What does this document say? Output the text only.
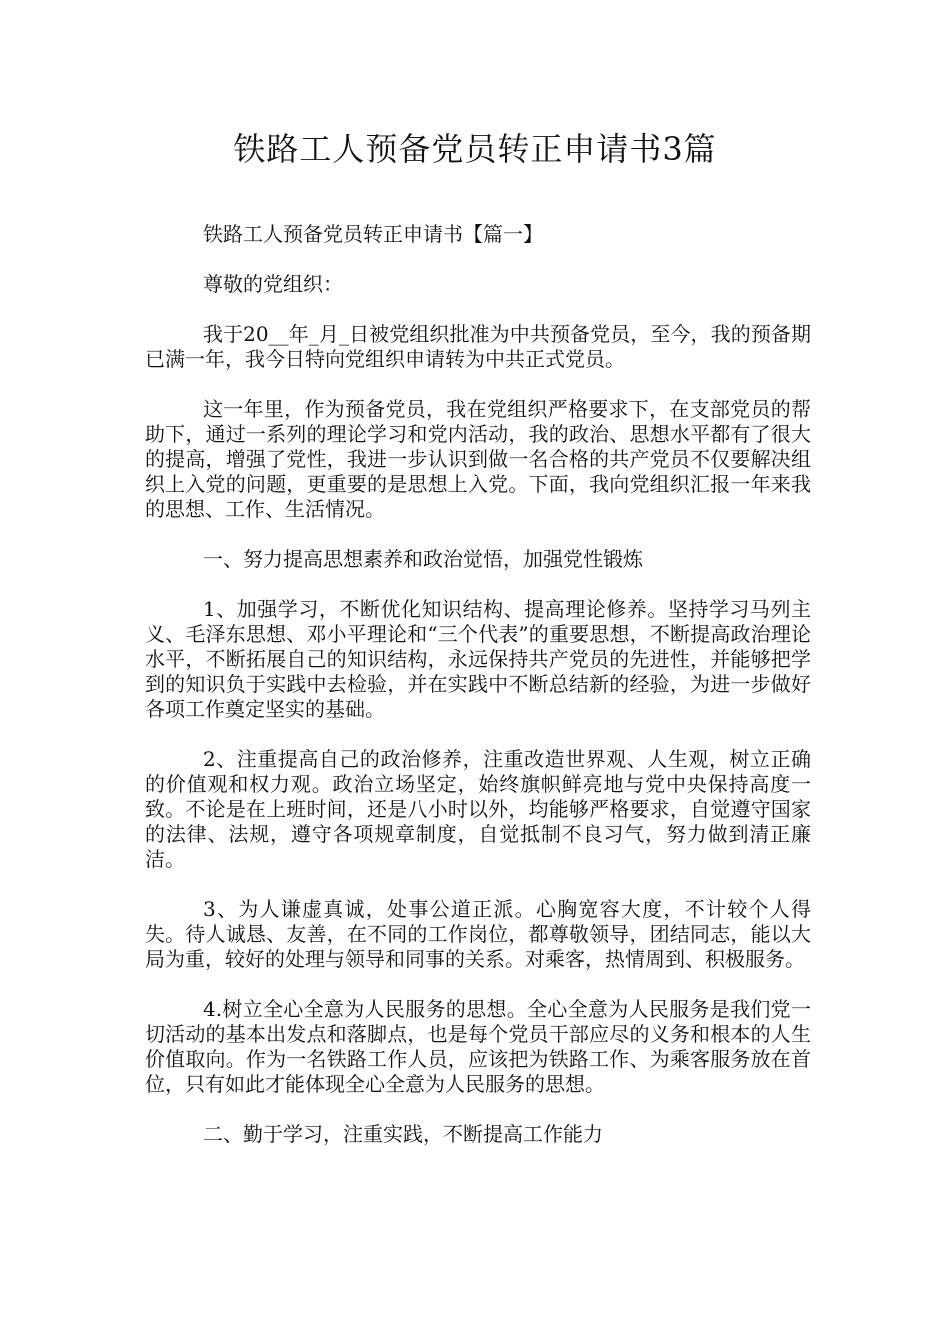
铁路工人预备党员转正申请书3篇

铁路工人预备党员转正申请书【篇一】

尊敬的党组织：

我于20__年_月_日被党组织批准为中共预备党员，至今，我的预备期已满一年，我今日特向党组织申请转为中共正式党员。

这一年里，作为预备党员，我在党组织严格要求下，在支部党员的帮助下，通过一系列的理论学习和党内活动，我的政治、思想水平都有了很大的提高，增强了党性，我进一步认识到做一名合格的共产党员不仅要解决组织上入党的问题，更重要的是思想上入党。下面，我向党组织汇报一年来我的思想、工作、生活情况。

一、努力提高思想素养和政治觉悟，加强党性锻炼

1、加强学习，不断优化知识结构、提高理论修养。坚持学习马列主义、毛泽东思想、邓小平理论和“三个代表”的重要思想，不断提高政治理论水平，不断拓展自己的知识结构，永远保持共产党员的先进性，并能够把学到的知识负于实践中去检验，并在实践中不断总结新的经验，为进一步做好各项工作奠定坚实的基础。

2、注重提高自己的政治修养，注重改造世界观、人生观，树立正确的价值观和权力观。政治立场坚定，始终旗帜鲜亮地与党中央保持高度一致。不论是在上班时间，还是八小时以外，均能够严格要求，自觉遵守国家的法律、法规，遵守各项规章制度，自觉抵制不良习气，努力做到清正廉洁。

3、为人谦虚真诚，处事公道正派。心胸宽容大度，不计较个人得失。待人诚恳、友善，在不同的工作岗位，都尊敬领导，团结同志，能以大局为重，较好的处理与领导和同事的关系。对乘客，热情周到、积极服务。

4.树立全心全意为人民服务的思想。全心全意为人民服务是我们党一切活动的基本出发点和落脚点，也是每个党员干部应尽的义务和根本的人生价值取向。作为一名铁路工作人员，应该把为铁路工作、为乘客服务放在首位，只有如此才能体现全心全意为人民服务的思想。

二、勤于学习，注重实践，不断提高工作能力
